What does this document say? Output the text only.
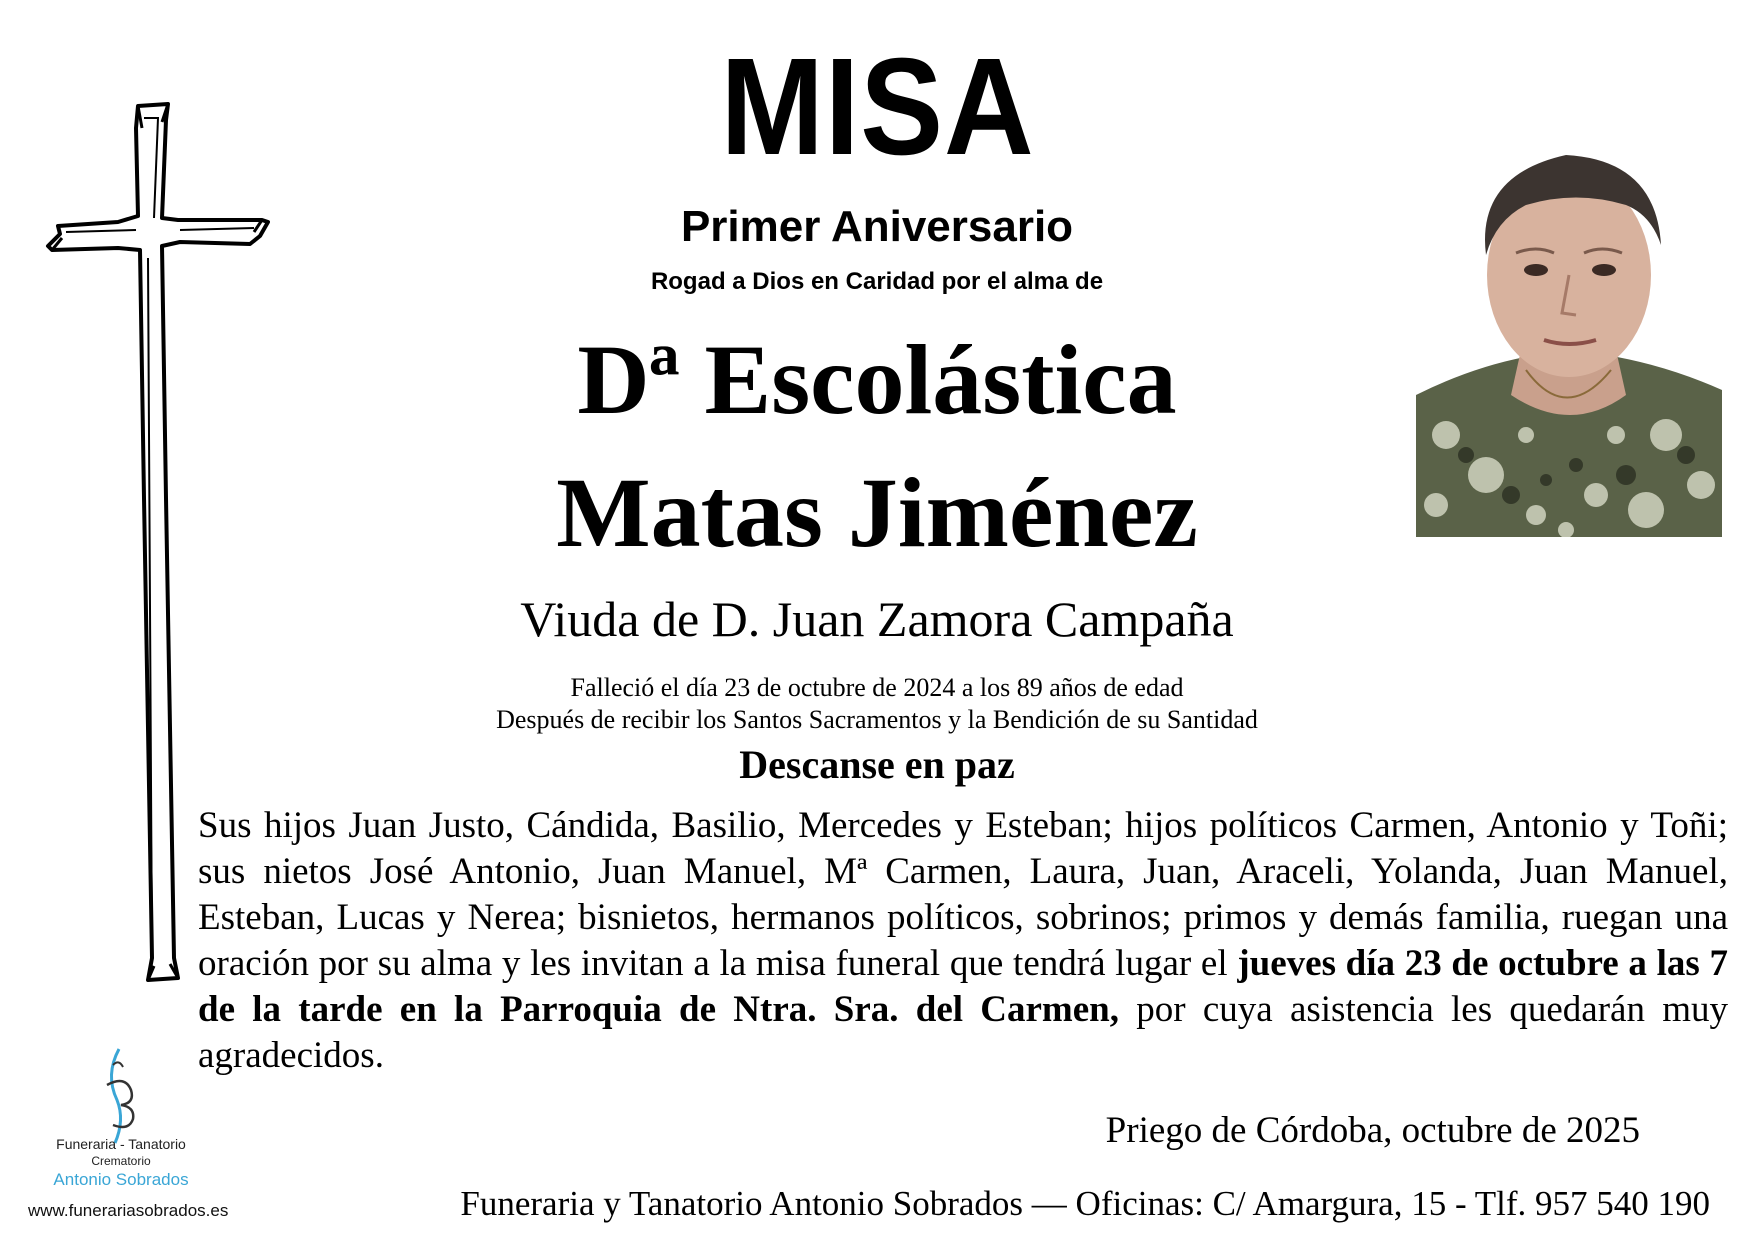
MISA
Primer Aniversario
Rogad a Dios en Caridad por el alma de
Dª Escolástica
Matas Jiménez
Viuda de D. Juan Zamora Campaña
Falleció el día 23 de octubre de 2024 a los 89 años de edad
Después de recibir los Santos Sacramentos y la Bendición de su Santidad
Descanse en paz
Sus hijos Juan Justo, Cándida, Basilio, Mercedes y Esteban; hijos políticos Carmen, Antonio y Toñi; sus nietos José Antonio, Juan Manuel, Mª Carmen, Laura, Juan, Araceli, Yolanda, Juan Manuel, Esteban, Lucas y Nerea; bisnietos, hermanos políticos, sobrinos; primos y demás familia, ruegan una oración por su alma y les invitan a la misa funeral que tendrá lugar el jueves día 23 de octubre a las 7 de la tarde en la Parroquia de Ntra. Sra. del Carmen, por cuya asistencia les quedarán muy agradecidos.
Priego de Córdoba, octubre de 2025
Funeraria y Tanatorio Antonio Sobrados — Oficinas: C/ Amargura, 15 - Tlf. 957 540 190
Funeraria - Tanatorio
Crematorio
Antonio Sobrados
www.funerariasobrados.es
